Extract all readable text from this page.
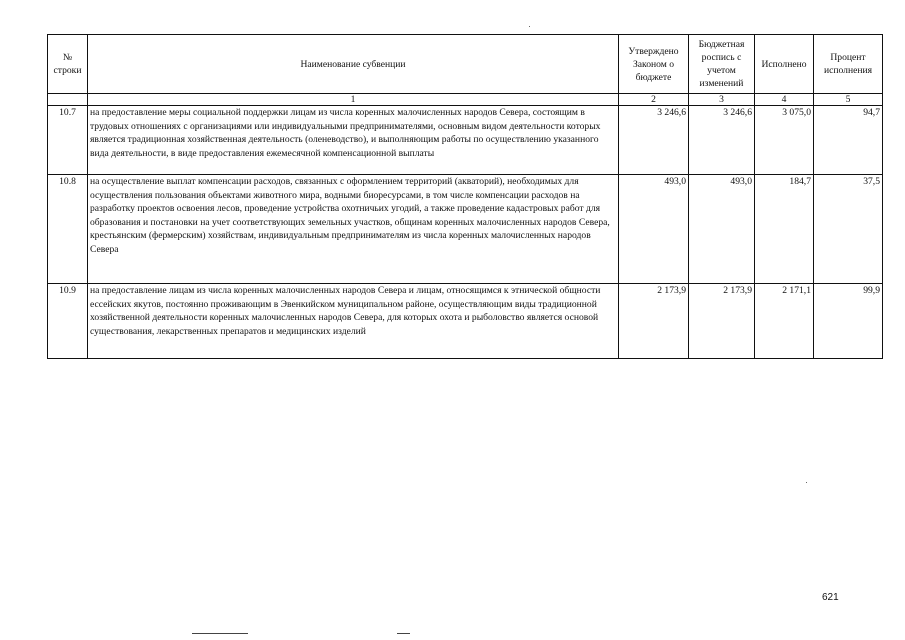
№ строки	Наименование субвенции	Утверждено Законом о бюджете	Бюджетная роспись с учетом изменений	Исполнено	Процент исполнения
	1	2	3	4	5
10.7	на предоставление меры социальной поддержки лицам из числа коренных малочисленных народов Севера, состоящим в трудовых отношениях с организациями или индивидуальными предпринимателями, основным видом деятельности которых является традиционная хозяйственная деятельность (оленеводство), и выполняющим работы по осуществлению указанного вида деятельности, в виде предоставления ежемесячной компенсационной выплаты	3 246,6	3 246,6	3 075,0	94,7
10.8	на осуществление выплат компенсации расходов, связанных с оформлением территорий (акваторий), необходимых для осуществления пользования объектами животного мира, водными биоресурсами, в том числе компенсации расходов на разработку проектов освоения лесов, проведение устройства охотничьих угодий, а также проведение кадастровых работ для образования и постановки на учет соответствующих земельных участков, общинам коренных малочисленных народов Севера, крестьянским (фермерским) хозяйствам, индивидуальным предпринимателям из числа коренных малочисленных народов Севера	493,0	493,0	184,7	37,5
10.9	на предоставление лицам из числа коренных малочисленных народов Севера и лицам, относящимся к этнической общности ессейских якутов, постоянно проживающим в Эвенкийском муниципальном районе, осуществляющим виды традиционной хозяйственной деятельности коренных малочисленных народов Севера, для которых охота и рыболовство является основой существования, лекарственных препаратов и медицинских изделий	2 173,9	2 173,9	2 171,1	99,9
621
